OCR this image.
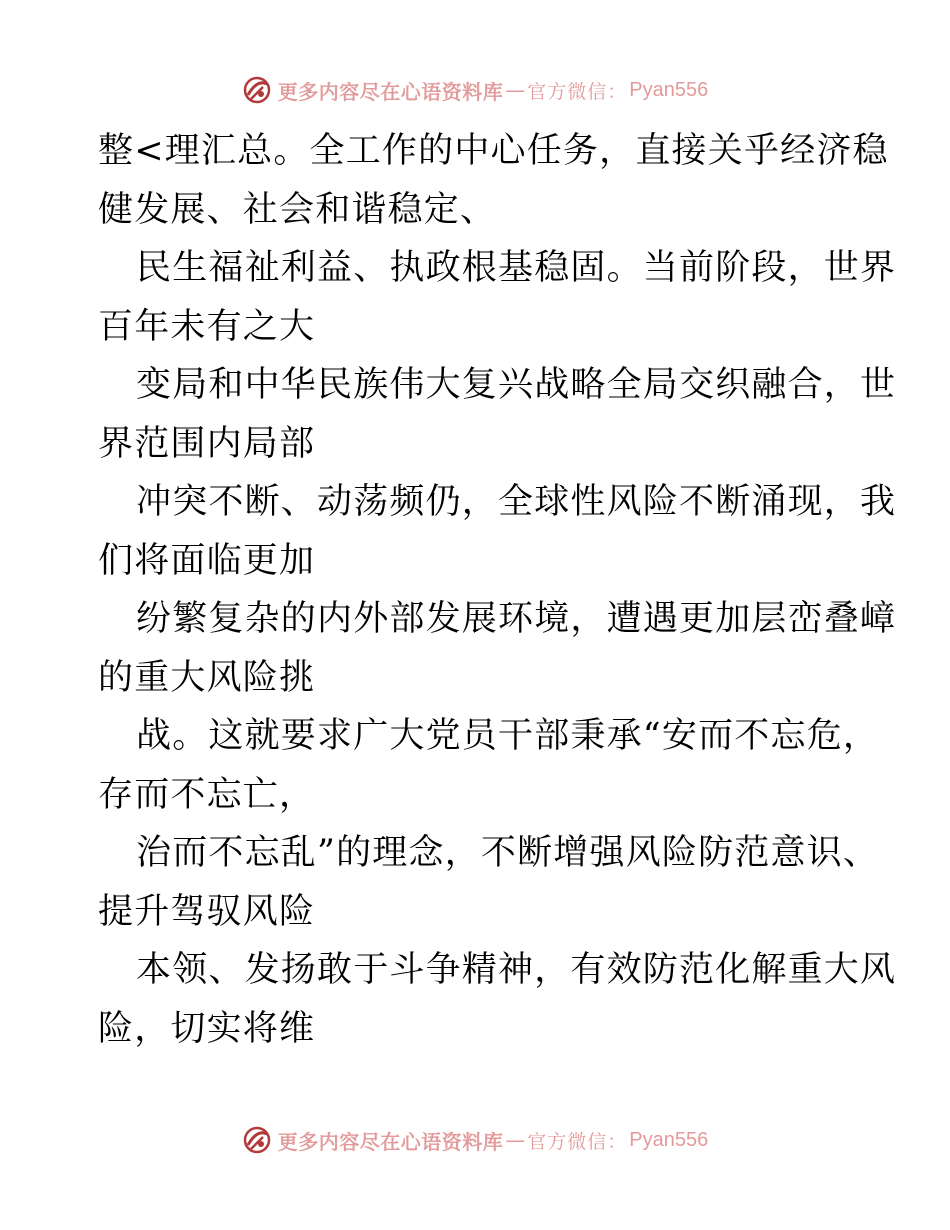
更多内容尽在心语资料库 — 官方微信： Pyan556
整<理汇总。全工作的中心任务，直接关乎经济稳
健发展、社会和谐稳定、
民生福祉利益、执政根基稳固。当前阶段，世界
百年未有之大
变局和中华民族伟大复兴战略全局交织融合，世
界范围内局部
冲突不断、动荡频仍，全球性风险不断涌现，我
们将面临更加
纷繁复杂的内外部发展环境，遭遇更加层峦叠嶂
的重大风险挑
战。这就要求广大党员干部秉承“安而不忘危，
存而不忘亡，
治而不忘乱”的理念，不断增强风险防范意识、
提升驾驭风险
本领、发扬敢于斗争精神，有效防范化解重大风
险，切实将维
更多内容尽在心语资料库 — 官方微信： Pyan556
